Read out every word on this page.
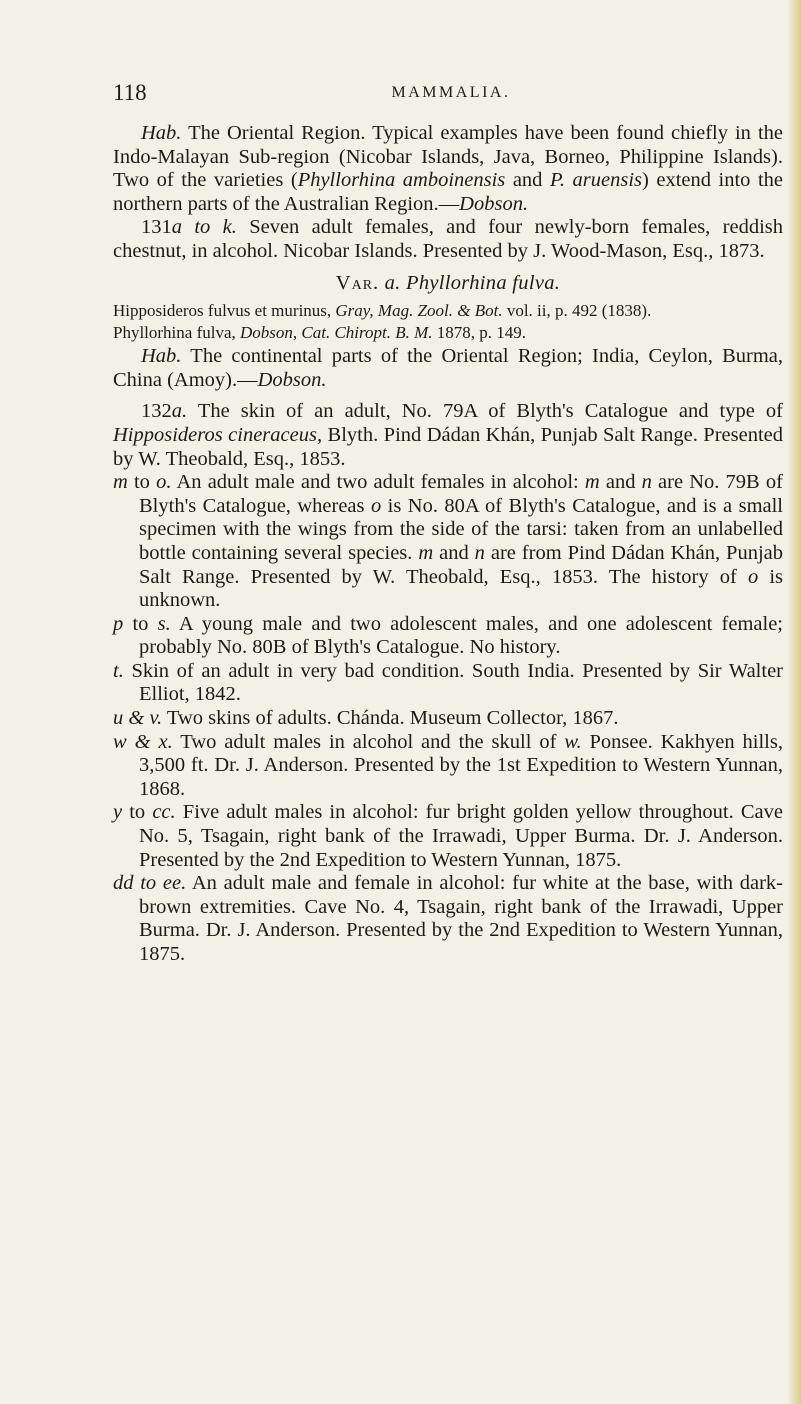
118	MAMMALIA.

Hab. The Oriental Region. Typical examples have been found chiefly in the Indo-Malayan Sub-region (Nicobar Islands, Java, Borneo, Philippine Islands). Two of the varieties (Phyllorhina amboinensis and P. aruensis) extend into the northern parts of the Australian Region.—Dobson.

131a to k. Seven adult females, and four newly-born females, reddish chestnut, in alcohol. Nicobar Islands. Presented by J. Wood-Mason, Esq., 1873.

Var. a. Phyllorhina fulva.

Hipposideros fulvus et murinus, Gray, Mag. Zool. & Bot. vol. ii, p. 492 (1838).

Phyllorhina fulva, Dobson, Cat. Chiropt. B. M. 1878, p. 149.

Hab. The continental parts of the Oriental Region; India, Ceylon, Burma, China (Amoy).—Dobson.

132a. The skin of an adult, No. 79A of Blyth's Catalogue and type of Hipposideros cineraceus, Blyth. Pind Dádan Khán, Punjab Salt Range. Presented by W. Theobald, Esq., 1853.

m to o. An adult male and two adult females in alcohol: m and n are No. 79B of Blyth's Catalogue, whereas o is No. 80A of Blyth's Catalogue, and is a small specimen with the wings from the side of the tarsi: taken from an unlabelled bottle containing several species. m and n are from Pind Dádan Khán, Punjab Salt Range. Presented by W. Theobald, Esq., 1853. The history of o is unknown.

p to s. A young male and two adolescent males, and one adolescent female; probably No. 80B of Blyth's Catalogue. No history.

t. Skin of an adult in very bad condition. South India. Presented by Sir Walter Elliot, 1842.

u & v. Two skins of adults. Chánda. Museum Collector, 1867.

w & x. Two adult males in alcohol and the skull of w. Ponsee. Kakhyen hills, 3,500 ft. Dr. J. Anderson. Presented by the 1st Expedition to Western Yunnan, 1868.

y to cc. Five adult males in alcohol: fur bright golden yellow throughout. Cave No. 5, Tsagain, right bank of the Irrawadi, Upper Burma. Dr. J. Anderson. Presented by the 2nd Expedition to Western Yunnan, 1875.

dd to ee. An adult male and female in alcohol: fur white at the base, with dark-brown extremities. Cave No. 4, Tsagain, right bank of the Irrawadi, Upper Burma. Dr. J. Anderson. Presented by the 2nd Expedition to Western Yunnan, 1875.
